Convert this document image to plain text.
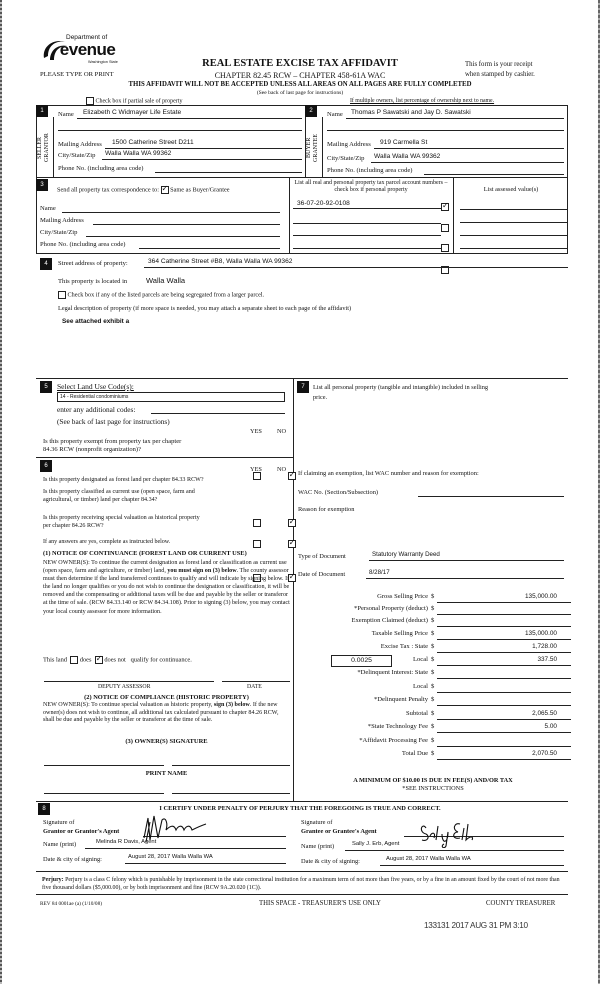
Department of
evenue
Washington State
PLEASE TYPE OR PRINT
REAL ESTATE EXCISE TAX AFFIDAVIT
CHAPTER 82.45 RCW – CHAPTER 458-61A WAC
This form is your receipt
when stamped by cashier.
THIS AFFIDAVIT WILL NOT BE ACCEPTED UNLESS ALL AREAS ON ALL PAGES ARE FULLY COMPLETED
(See back of last page for instructions)
Check box if partial sale of property	If multiple owners, list percentage of ownership next to name.
1
SELLER
GRANTOR
Name Elizabeth C Widmayer Life Estate
Mailing Address 1500 Catherine Street D211
City/State/Zip Walla Walla WA 99362
Phone No. (including area code)
2
BUYER
GRANTEE
Name Thomas P Sawatski and Jay D. Sawatski
Mailing Address 919 Carmella St
City/State/Zip Walla Walla WA 99362
Phone No. (including area code)
3
Send all property tax correspondence to: ✓ Same as Buyer/Grantee
Name
Mailing Address
City/State/Zip
Phone No. (including area code)
List all real and personal property tax parcel account numbers – check box if personal property	List assessed value(s)
36-07-20-92-0108
✓
4	Street address of property:	364 Catherine Street #B8, Walla Walla WA 99362
This property is located in	Walla Walla
Check box if any of the listed parcels are being segregated from a larger parcel.
Legal description of property (if more space is needed, you may attach a separate sheet to each page of the affidavit)
See attached exhibit a
5	Select Land Use Code(s):
14 - Residential condominiums
enter any additional codes:
(See back of last page for instructions)
YES NO
Is this property exempt from property tax per chapter
84.36 RCW (nonprofit organization)?
✓
6	YES NO
Is this property designated as forest land per chapter 84.33 RCW?
✓
Is this property classified as current use (open space, farm and
agricultural, or timber) land per chapter 84.34?
✓
Is this property receiving special valuation as historical property
per chapter 84.26 RCW?
✓
If any answers are yes, complete as instructed below.
(1) NOTICE OF CONTINUANCE (FOREST LAND OR CURRENT USE)
NEW OWNER(S): To continue the current designation as forest land or classification as current use (open space, farm and agriculture, or timber) land, you must sign on (3) below. The county assessor must then determine if the land transferred continues to qualify and will indicate by signing below. If the land no longer qualifies or you do not wish to continue the designation or classification, it will be removed and the compensating or additional taxes will be due and payable by the seller or transferor at the time of sale. (RCW 84.33.140 or RCW 84.34.108). Prior to signing (3) below, you may contact your local county assessor for more information.
This land does ✓ does not qualify for continuance.
DEPUTY ASSESSOR	DATE
(2) NOTICE OF COMPLIANCE (HISTORIC PROPERTY)
NEW OWNER(S): To continue special valuation as historic property, sign (3) below. If the new owner(s) does not wish to continue, all additional tax calculated pursuant to chapter 84.26 RCW, shall be due and payable by the seller or transferor at the time of sale.
(3) OWNER(S) SIGNATURE
PRINT NAME
7	List all personal property (tangible and intangible) included in selling
price.
If claiming an exemption, list WAC number and reason for exemption:
WAC No. (Section/Subsection)
Reason for exemption
Type of Document	Statutory Warranty Deed
Date of Document	8/28/17
Gross Selling Price $	135,000.00
*Personal Property (deduct) $
Exemption Claimed (deduct) $
Taxable Selling Price $	135,000.00
Excise Tax : State $	1,728.00
Local $	337.50
*Delinquent Interest: State $
Local $
*Delinquent Penalty $
Subtotal $	2,065.50
*State Technology Fee $	5.00
*Affidavit Processing Fee $
Total Due $	2,070.50
0.0025
A MINIMUM OF $10.00 IS DUE IN FEE(S) AND/OR TAX
*SEE INSTRUCTIONS
8	I CERTIFY UNDER PENALTY OF PERJURY THAT THE FOREGOING IS TRUE AND CORRECT.
Signature of
Grantor or Grantor's Agent
Name (print)	Melinda R Davis, Agent
Date & city of signing:	August 28, 2017 Walla Walla WA
Signature of
Grantee or Grantee's Agent
Name (print)	Sally J. Erb, Agent
Date & city of signing:	August 28, 2017 Walla Walla WA
Perjury: Perjury is a class C felony which is punishable by imprisonment in the state correctional institution for a maximum term of not more than five years, or by a fine in an amount fixed by the court of not more than five thousand dollars ($5,000.00), or by both imprisonment and fine (RCW 9A.20.020 (1C)).
REV 84 0001ae (a) (1/10/08)	THIS SPACE - TREASURER'S USE ONLY	COUNTY TREASURER
133131 2017 AUG 31 PM 3:10
